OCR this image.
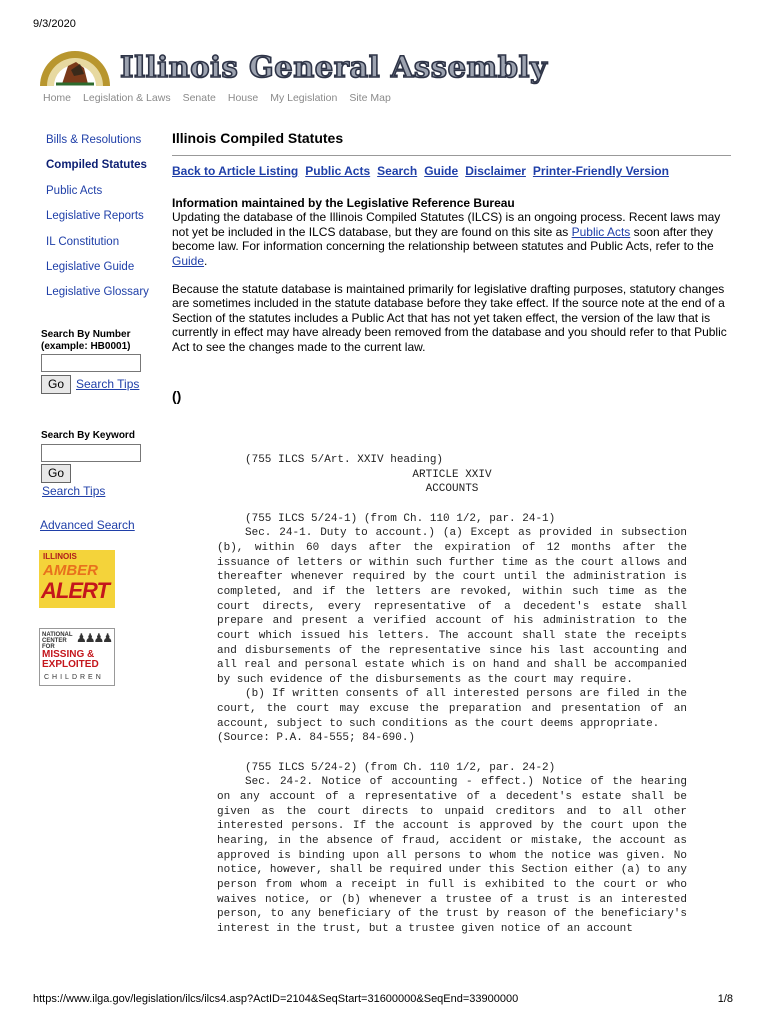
9/3/2020
Illinois General Assembly
Home Legislation & Laws Senate House My Legislation Site Map
Bills & Resolutions
Compiled Statutes
Public Acts
Legislative Reports
IL Constitution
Legislative Guide
Legislative Glossary
Search By Number
(example: HB0001)
Go	Search Tips
Search By Keyword
Go
Search Tips
Advanced Search
ILLINOIS
AMBER
ALERT
NATIONAL CENTER FOR
♟♟♟♟
MISSING &
EXPLOITED
CHILDREN
Illinois Compiled Statutes
Back to Article Listing Public Acts Search Guide Disclaimer Printer-Friendly Version
Information maintained by the Legislative Reference Bureau
Updating the database of the Illinois Compiled Statutes (ILCS) is an ongoing process. Recent laws may not yet be included in the ILCS database, but they are found on this site as Public Acts soon after they become law. For information concerning the relationship between statutes and Public Acts, refer to the Guide.
Because the statute database is maintained primarily for legislative drafting purposes, statutory changes are sometimes included in the statute database before they take effect. If the source note at the end of a Section of the statutes includes a Public Act that has not yet taken effect, the version of the law that is currently in effect may have already been removed from the database and you should refer to that Public Act to see the changes made to the current law.
()
(755 ILCS 5/Art. XXIV heading)
ARTICLE XXIV
ACCOUNTS
(755 ILCS 5/24-1) (from Ch. 110 1/2, par. 24-1)
Sec. 24-1. Duty to account.) (a) Except as provided in subsection (b), within 60 days after the expiration of 12 months after the issuance of letters or within such further time as the court allows and thereafter whenever required by the court until the administration is completed, and if the letters are revoked, within such time as the court directs, every representative of a decedent's estate shall prepare and present a verified account of his administration to the court which issued his letters. The account shall state the receipts and disbursements of the representative since his last accounting and all real and personal estate which is on hand and shall be accompanied by such evidence of the disbursements as the court may require.
(b) If written consents of all interested persons are filed in the court, the court may excuse the preparation and presentation of an account, subject to such conditions as the court deems appropriate.
(Source: P.A. 84-555; 84-690.)
(755 ILCS 5/24-2) (from Ch. 110 1/2, par. 24-2)
Sec. 24-2. Notice of accounting - effect.) Notice of the hearing on any account of a representative of a decedent's estate shall be given as the court directs to unpaid creditors and to all other interested persons. If the account is approved by the court upon the hearing, in the absence of fraud, accident or mistake, the account as approved is binding upon all persons to whom the notice was given. No notice, however, shall be required under this Section either (a) to any person from whom a receipt in full is exhibited to the court or who waives notice, or (b) whenever a trustee of a trust is an interested person, to any beneficiary of the trust by reason of the beneficiary's interest in the trust, but a trustee given notice of an account
https://www.ilga.gov/legislation/ilcs/ilcs4.asp?ActID=2104&SeqStart=31600000&SeqEnd=33900000	1/8
